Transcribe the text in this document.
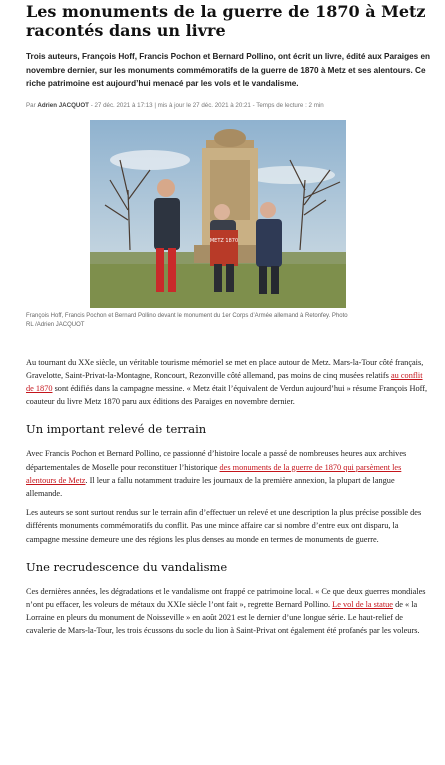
Les monuments de la guerre de 1870 à Metz racontés dans un livre

Trois auteurs, François Hoff, Francis Pochon et Bernard Pollino, ont écrit un livre, édité aux Paraiges en novembre dernier, sur les monuments commémoratifs de la guerre de 1870 à Metz et ses alentours. Ce riche patrimoine est aujourd’hui menacé par les vols et le vandalisme.

Par Adrien JACQUOT - 27 déc. 2021 à 17:13 | mis à jour le 27 déc. 2021 à 20:21 - Temps de lecture : 2 min
METZ 1870
François Hoff, Francis Pochon et Bernard Pollino devant le monument du 1er Corps d’Armée allemand à Retonfey. Photo RL /Adrien JACQUOT

Au tournant du XXe siècle, un véritable tourisme mémoriel se met en place autour de Metz. Mars-la-Tour côté français, Gravelotte, Saint-Privat-la-Montagne, Roncourt, Rezonville côté allemand, pas moins de cinq musées relatifs au conflit de 1870 sont édifiés dans la campagne messine. « Metz était l’équivalent de Verdun aujourd’hui » résume François Hoff, coauteur du livre Metz 1870 paru aux éditions des Paraiges en novembre dernier.

Un important relevé de terrain

Avec Francis Pochon et Bernard Pollino, ce passionné d’histoire locale a passé de nombreuses heures aux archives départementales de Moselle pour reconstituer l’historique des monuments de la guerre de 1870 qui parsèment les alentours de Metz. Il leur a fallu notamment traduire les journaux de la première annexion, la plupart de langue allemande.

Les auteurs se sont surtout rendus sur le terrain afin d’effectuer un relevé et une description la plus précise possible des différents monuments commémoratifs du conflit. Pas une mince affaire car si nombre d’entre eux ont disparu, la campagne messine demeure une des régions les plus denses au monde en termes de monuments de guerre.

Une recrudescence du vandalisme

Ces dernières années, les dégradations et le vandalisme ont frappé ce patrimoine local. « Ce que deux guerres mondiales n’ont pu effacer, les voleurs de métaux du XXIe siècle l’ont fait », regrette Bernard Pollino. Le vol de la statue de « la Lorraine en pleurs du monument de Noisseville » en août 2021 est le dernier d’une longue série. Le haut-relief de cavalerie de Mars-la-Tour, les trois écussons du socle du lion à Saint-Privat ont également été profanés par les voleurs.
